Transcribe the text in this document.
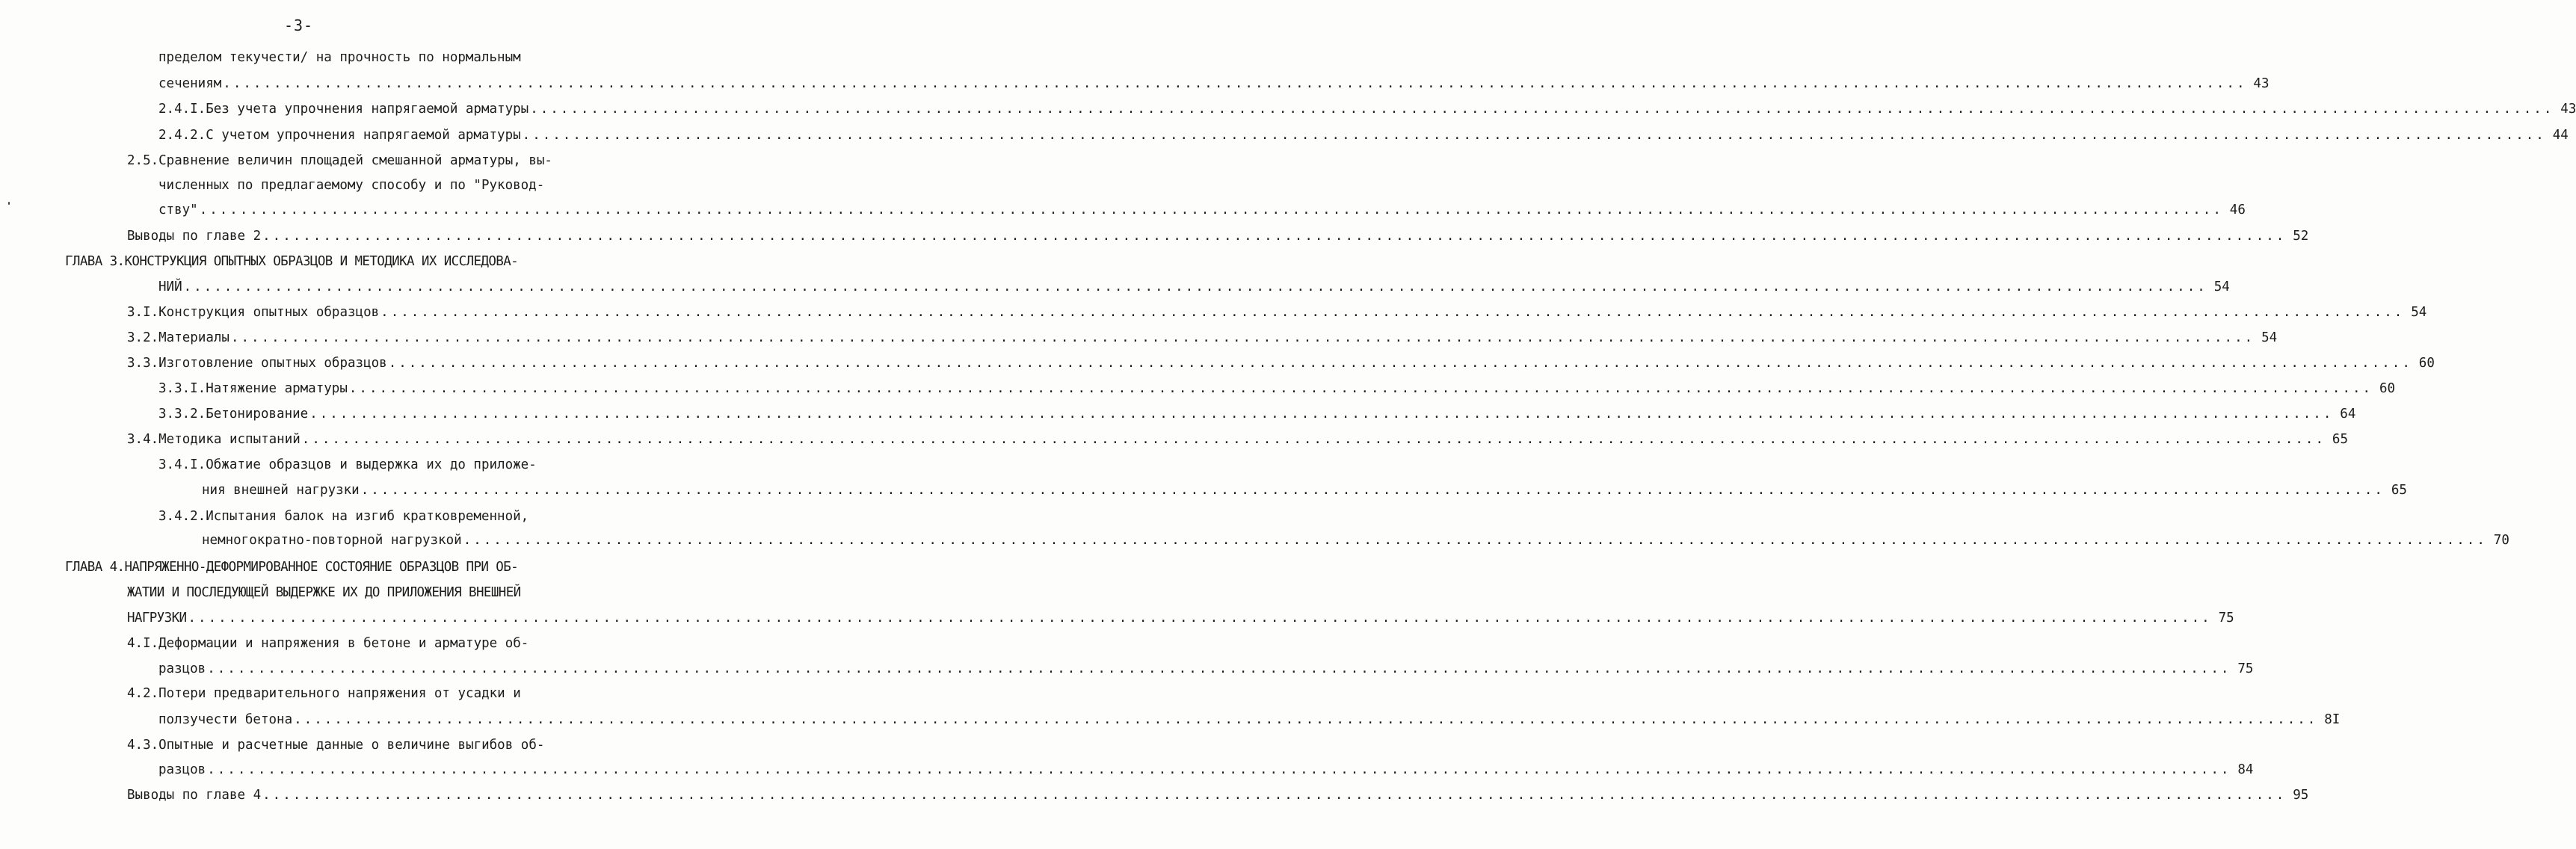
-3-
пределом текучести/ на прочность по нормальным
сечениям ........................................................................................................................................................................................................ 43
2.4.I.Без учета упрочнения напрягаемой арматуры ........................................................................................................................................................................................................ 43
2.4.2.С учетом упрочнения напрягаемой арматуры ........................................................................................................................................................................................................ 44
2.5.Сравнение величин площадей смешанной арматуры, вы-
численных по предлагаемому способу и по "Руковод-
ству" ........................................................................................................................................................................................................ 46
Выводы по главе 2 ........................................................................................................................................................................................................ 52
ГЛАВА 3.КОНСТРУКЦИЯ ОПЫТНЫХ ОБРАЗЦОВ И МЕТОДИКА ИХ ИССЛЕДОВА-
НИЙ ........................................................................................................................................................................................................ 54
3.I.Конструкция опытных образцов ........................................................................................................................................................................................................ 54
3.2.Материалы ........................................................................................................................................................................................................ 54
3.3.Изготовление опытных образцов ........................................................................................................................................................................................................ 60
3.3.I.Натяжение арматуры ........................................................................................................................................................................................................ 60
3.3.2.Бетонирование ........................................................................................................................................................................................................ 64
3.4.Методика испытаний ........................................................................................................................................................................................................ 65
3.4.I.Обжатие образцов и выдержка их до приложе-
ния внешней нагрузки ........................................................................................................................................................................................................ 65
3.4.2.Испытания балок на изгиб кратковременной,
немногократно-повторной нагрузкой ........................................................................................................................................................................................................ 70
ГЛАВА 4.НАПРЯЖЕННО-ДЕФОРМИРОВАННОЕ СОСТОЯНИЕ ОБРАЗЦОВ ПРИ ОБ-
ЖАТИИ И ПОСЛЕДУЮЩЕЙ ВЫДЕРЖКЕ ИХ ДО ПРИЛОЖЕНИЯ ВНЕШНЕЙ
НАГРУЗКИ ........................................................................................................................................................................................................ 75
4.I.Деформации и напряжения в бетоне и арматуре об-
разцов ........................................................................................................................................................................................................ 75
4.2.Потери предварительного напряжения от усадки и
ползучести бетона ........................................................................................................................................................................................................ 8I
4.3.Опытные и расчетные данные о величине выгибов об-
разцов ........................................................................................................................................................................................................ 84
Выводы по главе 4 ........................................................................................................................................................................................................ 95
